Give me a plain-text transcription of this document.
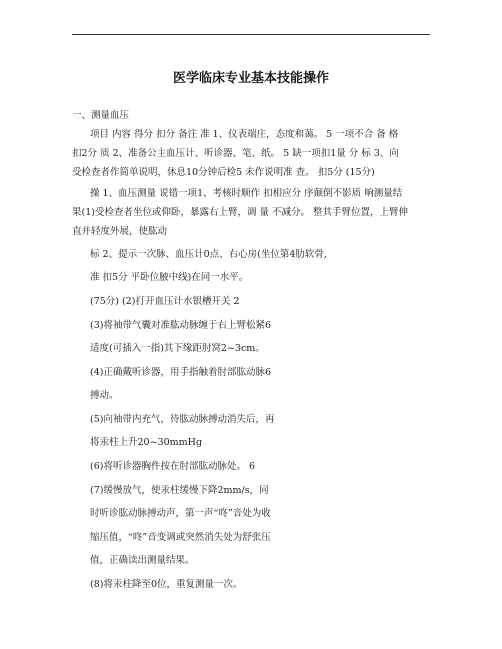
医学临床专业基本技能操作
一、测量血压
项目 内容 得分 扣分 备注 准 1、仪表端庄，态度和蔼。 5 一项不合 备 格
扣2分 质 2、准备公主血压计、听诊器、笔、纸。 5 缺一项扣1量 分 标 3、向
受检查者作简单说明，休息10分钟后检5 未作说明准 查。 扣5分 (15分)
操 1、血压测量 说错一项1、考核时顺作 扣相应分 序颠倒不影质 响测量结
果(1)受检查者坐位或仰卧，暴露右上臂，调 量 不减分。 整其手臂位置，上臂伸
直并轻度外展，使肱动
标 2、提示一次脉、血压计0点、右心房(坐位第4肋软骨,
准 扣5分 平卧位腋中线)在同一水平。
(75分) (2)打开血压计水银槽开关 2
(3)将袖带气囊对准肱动脉缠于右上臂松紧6
适度(可插入一指)其下缘距肘窝2~3cm。
(4)正确戴听诊器，用手指触着肘部肱动脉6
搏动。
(5)向袖带内充气，待肱动脉搏动消失后，再
将汞柱上升20~30mmHg
(6)将听诊器胸件按在肘部肱动脉处。 6
(7)缓慢放气，使汞柱缓慢下降2mm/s，同
时听诊肱动脉搏动声，第一声“咚”音处为收
缩压值，“咚”音变调或突然消失处为舒张压
值，正确读出测量结果。
(8)将汞柱降至0位，重复测量一次。
